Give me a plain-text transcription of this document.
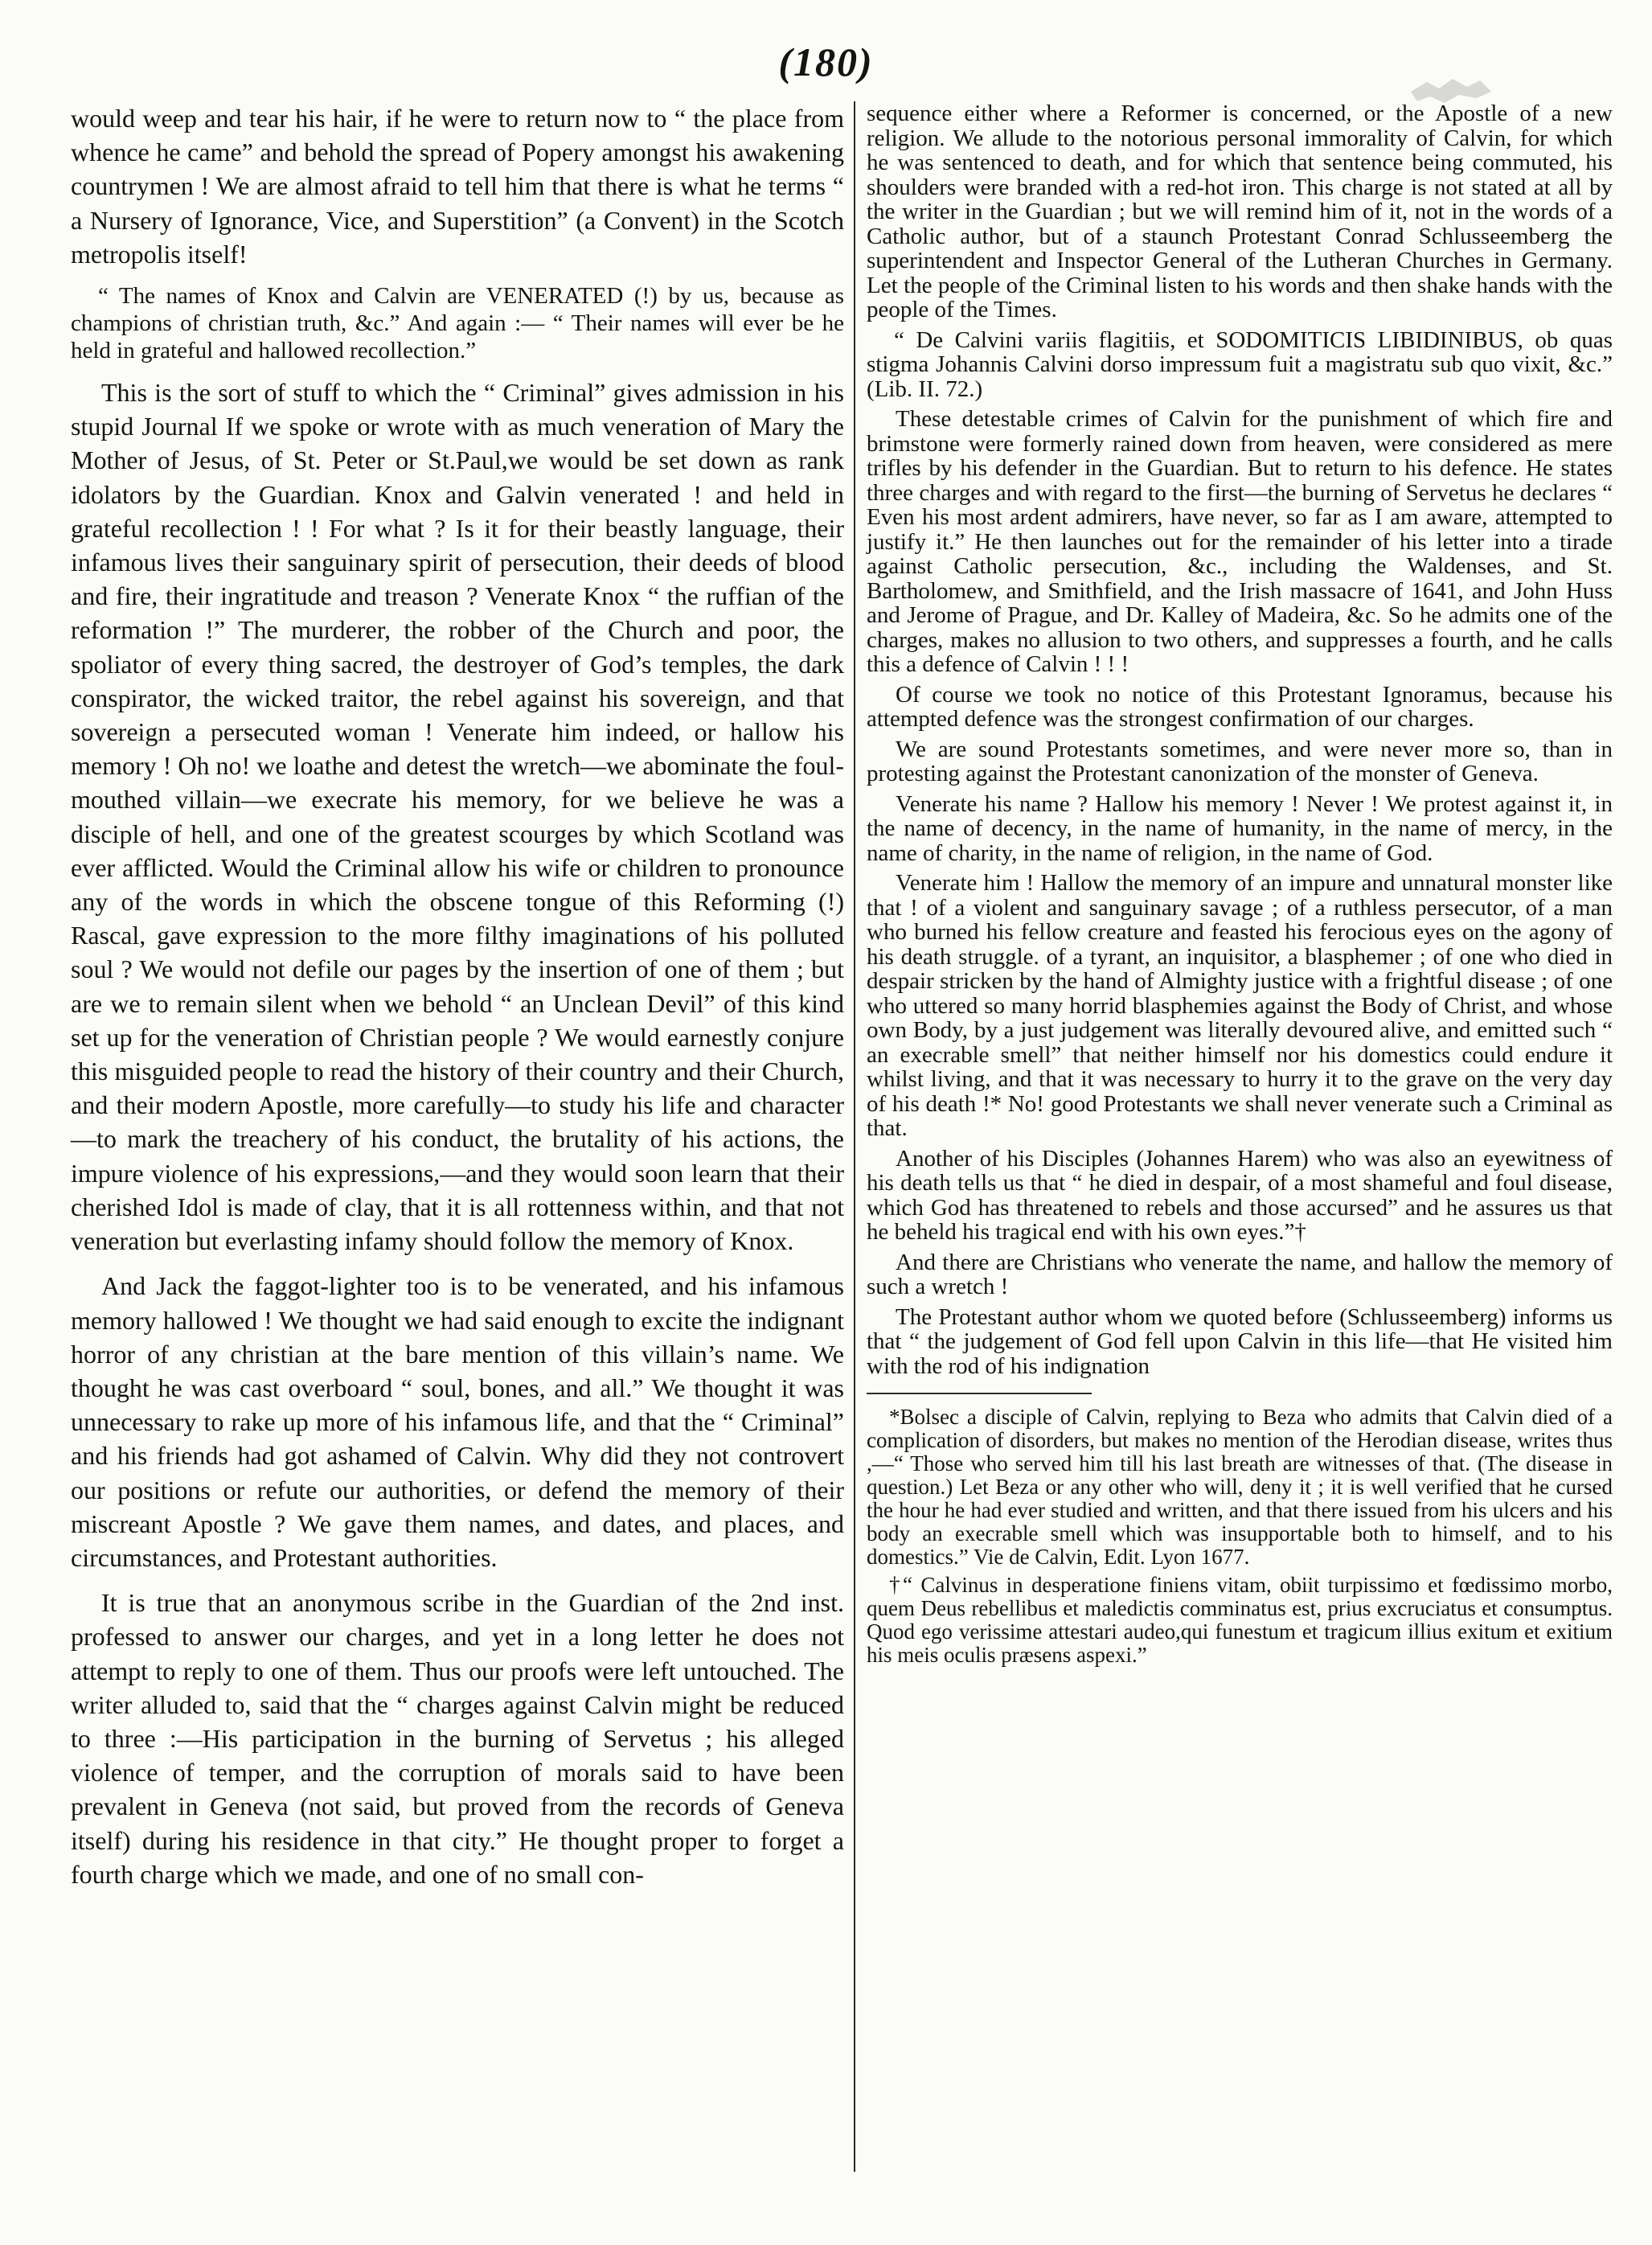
(180)

would weep and tear his hair, if he were to return now to “ the place from whence he came” and behold the spread of Popery amongst his awakening countrymen ! We are almost afraid to tell him that there is what he terms “ a Nursery of Ignorance, Vice, and Superstition” (a Convent) in the Scotch metropolis itself!

“ The names of Knox and Calvin are VENERATED (!) by us, because as champions of christian truth, &c.” And again :— “ Their names will ever be he held in grateful and hallowed recollection.”

This is the sort of stuff to which the “ Criminal” gives admission in his stupid Journal If we spoke or wrote with as much veneration of Mary the Mother of Jesus, of St. Peter or St.Paul,we would be set down as rank idolators by the Guardian. Knox and Galvin venerated ! and held in grateful recollection ! ! For what ? Is it for their beastly language, their infamous lives their sanguinary spirit of persecution, their deeds of blood and fire, their ingratitude and treason ? Venerate Knox “ the ruffian of the reformation !” The murderer, the robber of the Church and poor, the spoliator of every thing sacred, the destroyer of God’s temples, the dark conspirator, the wicked traitor, the rebel against his sovereign, and that sovereign a persecuted woman ! Venerate him indeed, or hallow his memory ! Oh no! we loathe and detest the wretch—we abominate the foul-mouthed villain—we execrate his memory, for we believe he was a disciple of hell, and one of the greatest scourges by which Scotland was ever afflicted. Would the Criminal allow his wife or children to pronounce any of the words in which the obscene tongue of this Reforming (!) Rascal, gave expression to the more filthy imaginations of his polluted soul ? We would not defile our pages by the insertion of one of them ; but are we to remain silent when we behold “ an Unclean Devil” of this kind set up for the veneration of Christian people ? We would earnestly conjure this misguided people to read the history of their country and their Church, and their modern Apostle, more carefully—to study his life and character—to mark the treachery of his conduct, the brutality of his actions, the impure violence of his expressions,—and they would soon learn that their cherished Idol is made of clay, that it is all rottenness within, and that not veneration but everlasting infamy should follow the memory of Knox.

And Jack the faggot-lighter too is to be venerated, and his infamous memory hallowed ! We thought we had said enough to excite the indignant horror of any christian at the bare mention of this villain’s name. We thought he was cast overboard “ soul, bones, and all.” We thought it was unnecessary to rake up more of his infamous life, and that the “ Criminal” and his friends had got ashamed of Calvin. Why did they not controvert our positions or refute our authorities, or defend the memory of their miscreant Apostle ? We gave them names, and dates, and places, and circumstances, and Protestant authorities.

It is true that an anonymous scribe in the Guardian of the 2nd inst. professed to answer our charges, and yet in a long letter he does not attempt to reply to one of them. Thus our proofs were left untouched. The writer alluded to, said that the “ charges against Calvin might be reduced to three :—His participation in the burning of Servetus ; his alleged violence of temper, and the corruption of morals said to have been prevalent in Geneva (not said, but proved from the records of Geneva itself) during his residence in that city.” He thought proper to forget a fourth charge which we made, and one of no small con-

sequence either where a Reformer is concerned, or the Apostle of a new religion. We allude to the notorious personal immorality of Calvin, for which he was sentenced to death, and for which that sentence being commuted, his shoulders were branded with a red-hot iron. This charge is not stated at all by the writer in the Guardian ; but we will remind him of it, not in the words of a Catholic author, but of a staunch Protestant Conrad Schlusseemberg the superintendent and Inspector General of the Lutheran Churches in Germany. Let the people of the Criminal listen to his words and then shake hands with the people of the Times.

“ De Calvini variis flagitiis, et SODOMITICIS LIBIDINIBUS, ob quas stigma Johannis Calvini dorso impressum fuit a magistratu sub quo vixit, &c.” (Lib. II. 72.)

These detestable crimes of Calvin for the punishment of which fire and brimstone were formerly rained down from heaven, were considered as mere trifles by his defender in the Guardian. But to return to his defence. He states three charges and with regard to the first—the burning of Servetus he declares “ Even his most ardent admirers, have never, so far as I am aware, attempted to justify it.” He then launches out for the remainder of his letter into a tirade against Catholic persecution, &c., including the Waldenses, and St. Bartholomew, and Smithfield, and the Irish massacre of 1641, and John Huss and Jerome of Prague, and Dr. Kalley of Madeira, &c. So he admits one of the charges, makes no allusion to two others, and suppresses a fourth, and he calls this a defence of Calvin ! ! !

Of course we took no notice of this Protestant Ignoramus, because his attempted defence was the strongest confirmation of our charges.

We are sound Protestants sometimes, and were never more so, than in protesting against the Protestant canonization of the monster of Geneva.

Venerate his name ? Hallow his memory ! Never ! We protest against it, in the name of decency, in the name of humanity, in the name of mercy, in the name of charity, in the name of religion, in the name of God.

Venerate him ! Hallow the memory of an impure and unnatural monster like that ! of a violent and sanguinary savage ; of a ruthless persecutor, of a man who burned his fellow creature and feasted his ferocious eyes on the agony of his death struggle. of a tyrant, an inquisitor, a blasphemer ; of one who died in despair stricken by the hand of Almighty justice with a frightful disease ; of one who uttered so many horrid blasphemies against the Body of Christ, and whose own Body, by a just judgement was literally devoured alive, and emitted such “ an execrable smell” that neither himself nor his domestics could endure it whilst living, and that it was necessary to hurry it to the grave on the very day of his death !* No! good Protestants we shall never venerate such a Criminal as that.

Another of his Disciples (Johannes Harem) who was also an eyewitness of his death tells us that “ he died in despair, of a most shameful and foul disease, which God has threatened to rebels and those accursed” and he assures us that he beheld his tragical end with his own eyes.”†

And there are Christians who venerate the name, and hallow the memory of such a wretch !

The Protestant author whom we quoted before (Schlusseemberg) informs us that “ the judgement of God fell upon Calvin in this life—that He visited him with the rod of his indignation

*Bolsec a disciple of Calvin, replying to Beza who admits that Calvin died of a complication of disorders, but makes no mention of the Herodian disease, writes thus ,—“ Those who served him till his last breath are witnesses of that. (The disease in question.) Let Beza or any other who will, deny it ; it is well verified that he cursed the hour he had ever studied and written, and that there issued from his ulcers and his body an execrable smell which was insupportable both to himself, and to his domestics.” Vie de Calvin, Edit. Lyon 1677.

†“ Calvinus in desperatione finiens vitam, obiit turpissimo et fœdissimo morbo, quem Deus rebellibus et maledictis comminatus est, prius excruciatus et consumptus. Quod ego verissime attestari audeo,qui funestum et tragicum illius exitum et exitium his meis oculis præsens aspexi.”
